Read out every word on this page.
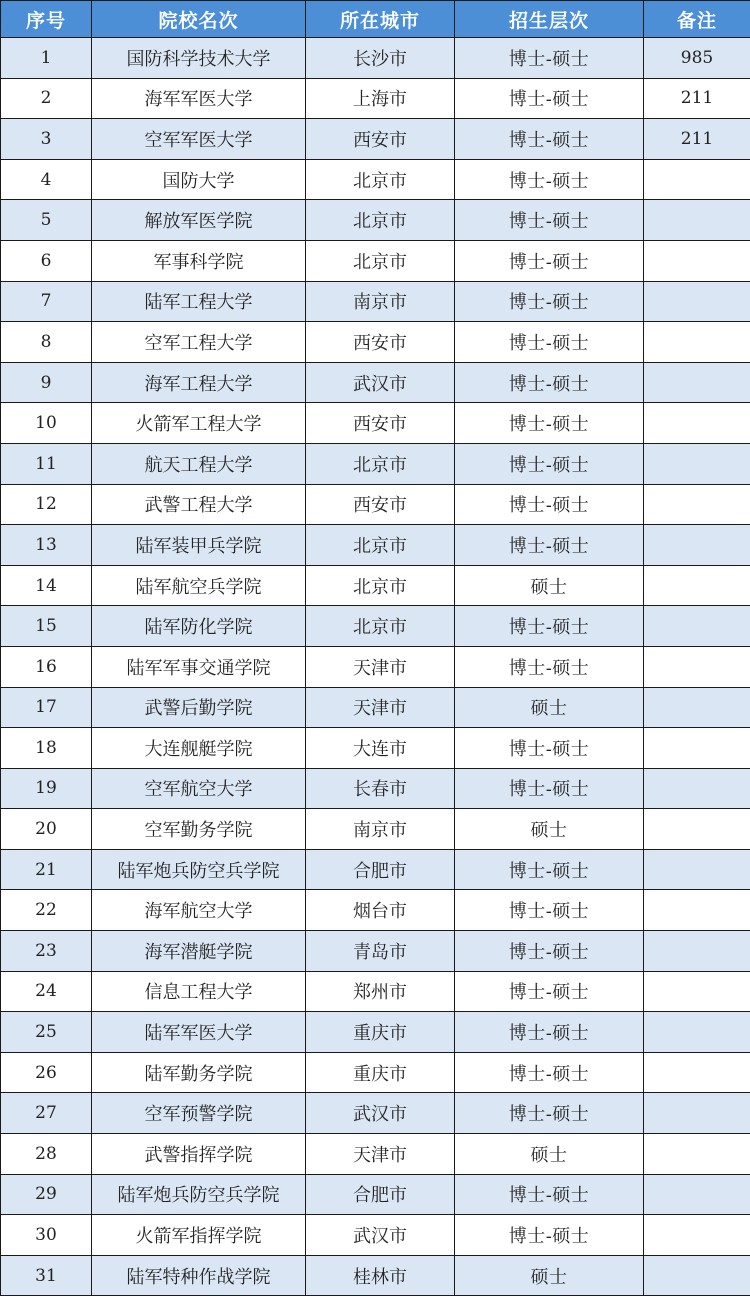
序号	院校名次	所在城市	招生层次	备注
1	国防科学技术大学	长沙市	博士-硕士	985
2	海军军医大学	上海市	博士-硕士	211
3	空军军医大学	西安市	博士-硕士	211
4	国防大学	北京市	博士-硕士	
5	解放军医学院	北京市	博士-硕士	
6	军事科学院	北京市	博士-硕士	
7	陆军工程大学	南京市	博士-硕士	
8	空军工程大学	西安市	博士-硕士	
9	海军工程大学	武汉市	博士-硕士	
10	火箭军工程大学	西安市	博士-硕士	
11	航天工程大学	北京市	博士-硕士	
12	武警工程大学	西安市	博士-硕士	
13	陆军装甲兵学院	北京市	博士-硕士	
14	陆军航空兵学院	北京市	硕士	
15	陆军防化学院	北京市	博士-硕士	
16	陆军军事交通学院	天津市	博士-硕士	
17	武警后勤学院	天津市	硕士	
18	大连舰艇学院	大连市	博士-硕士	
19	空军航空大学	长春市	博士-硕士	
20	空军勤务学院	南京市	硕士	
21	陆军炮兵防空兵学院	合肥市	博士-硕士	
22	海军航空大学	烟台市	博士-硕士	
23	海军潜艇学院	青岛市	博士-硕士	
24	信息工程大学	郑州市	博士-硕士	
25	陆军军医大学	重庆市	博士-硕士	
26	陆军勤务学院	重庆市	博士-硕士	
27	空军预警学院	武汉市	博士-硕士	
28	武警指挥学院	天津市	硕士	
29	陆军炮兵防空兵学院	合肥市	博士-硕士	
30	火箭军指挥学院	武汉市	博士-硕士	
31	陆军特种作战学院	桂林市	硕士	
